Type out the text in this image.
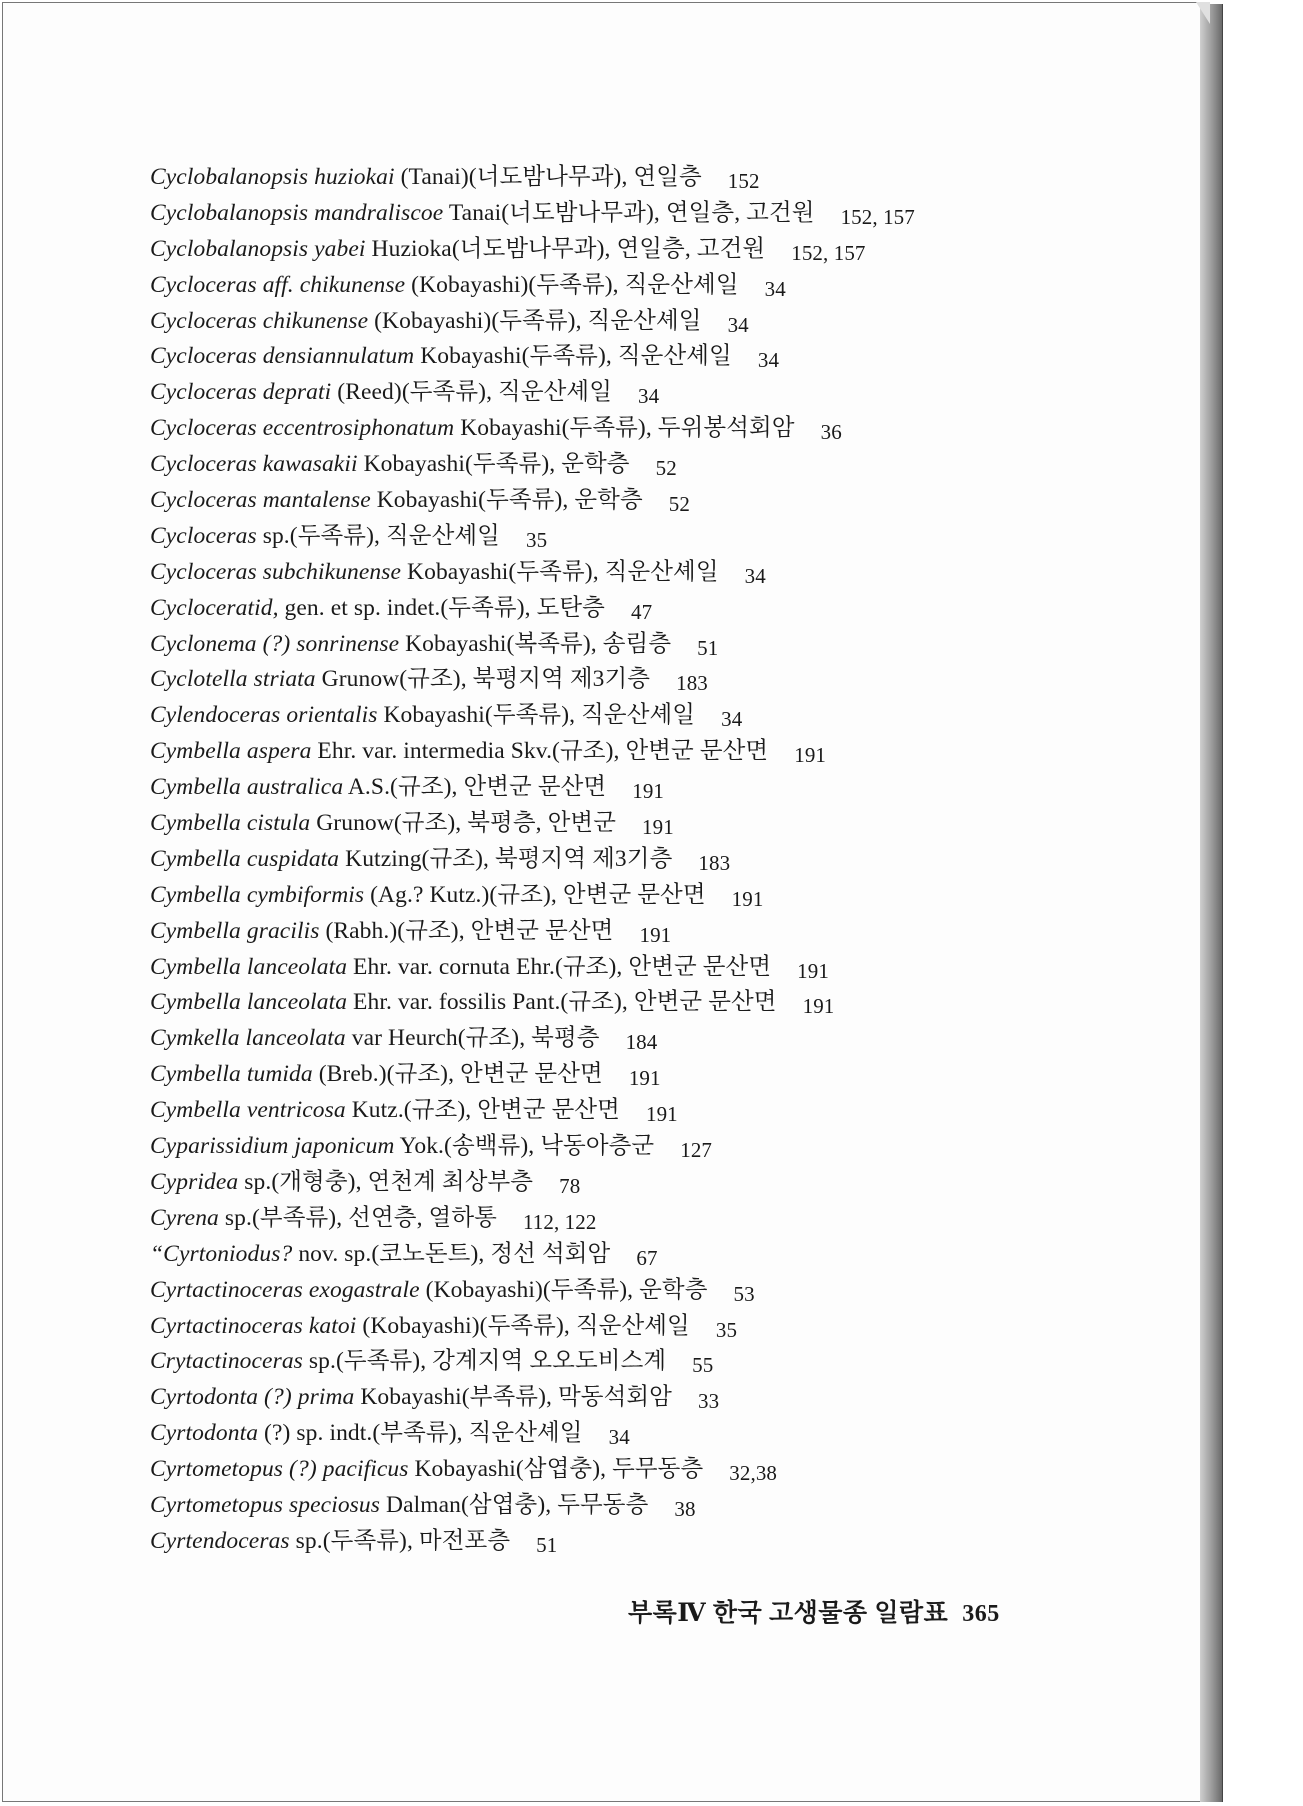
Cyclobalanopsis huziokai (Tanai)(너도밤나무과), 연일층 152
Cyclobalanopsis mandraliscoe Tanai(너도밤나무과), 연일층, 고건원 152, 157
Cyclobalanopsis yabei Huzioka(너도밤나무과), 연일층, 고건원 152, 157
Cycloceras aff. chikunense (Kobayashi)(두족류), 직운산셰일 34
Cycloceras chikunense (Kobayashi)(두족류), 직운산셰일 34
Cycloceras densiannulatum Kobayashi(두족류), 직운산셰일 34
Cycloceras deprati (Reed)(두족류), 직운산셰일 34
Cycloceras eccentrosiphonatum Kobayashi(두족류), 두위봉석회암 36
Cycloceras kawasakii Kobayashi(두족류), 운학층 52
Cycloceras mantalense Kobayashi(두족류), 운학층 52
Cycloceras sp.(두족류), 직운산셰일 35
Cycloceras subchikunense Kobayashi(두족류), 직운산셰일 34
Cycloceratid, gen. et sp. indet.(두족류), 도탄층 47
Cyclonema (?) sonrinense Kobayashi(복족류), 송림층 51
Cyclotella striata Grunow(규조), 북평지역 제3기층 183
Cylendoceras orientalis Kobayashi(두족류), 직운산셰일 34
Cymbella aspera Ehr. var. intermedia Skv.(규조), 안변군 문산면 191
Cymbella australica A.S.(규조), 안변군 문산면 191
Cymbella cistula Grunow(규조), 북평층, 안변군 191
Cymbella cuspidata Kutzing(규조), 북평지역 제3기층 183
Cymbella cymbiformis (Ag.? Kutz.)(규조), 안변군 문산면 191
Cymbella gracilis (Rabh.)(규조), 안변군 문산면 191
Cymbella lanceolata Ehr. var. cornuta Ehr.(규조), 안변군 문산면 191
Cymbella lanceolata Ehr. var. fossilis Pant.(규조), 안변군 문산면 191
Cymkella lanceolata var Heurch(규조), 북평층 184
Cymbella tumida (Breb.)(규조), 안변군 문산면 191
Cymbella ventricosa Kutz.(규조), 안변군 문산면 191
Cyparissidium japonicum Yok.(송백류), 낙동아층군 127
Cypridea sp.(개형충), 연천계 최상부층 78
Cyrena sp.(부족류), 선연층, 열하통 112, 122
“Cyrtoniodus? nov. sp.(코노돈트), 정선 석회암 67
Cyrtactinoceras exogastrale (Kobayashi)(두족류), 운학층 53
Cyrtactinoceras katoi (Kobayashi)(두족류), 직운산셰일 35
Crytactinoceras sp.(두족류), 강계지역 오오도비스계 55
Cyrtodonta (?) prima Kobayashi(부족류), 막동석회암 33
Cyrtodonta (?) sp. indt.(부족류), 직운산셰일 34
Cyrtometopus (?) pacificus Kobayashi(삼엽충), 두무동층 32,38
Cyrtometopus speciosus Dalman(삼엽충), 두무동층 38
Cyrtendoceras sp.(두족류), 마전포층 51
부록Ⅳ 한국 고생물종 일람표 365
